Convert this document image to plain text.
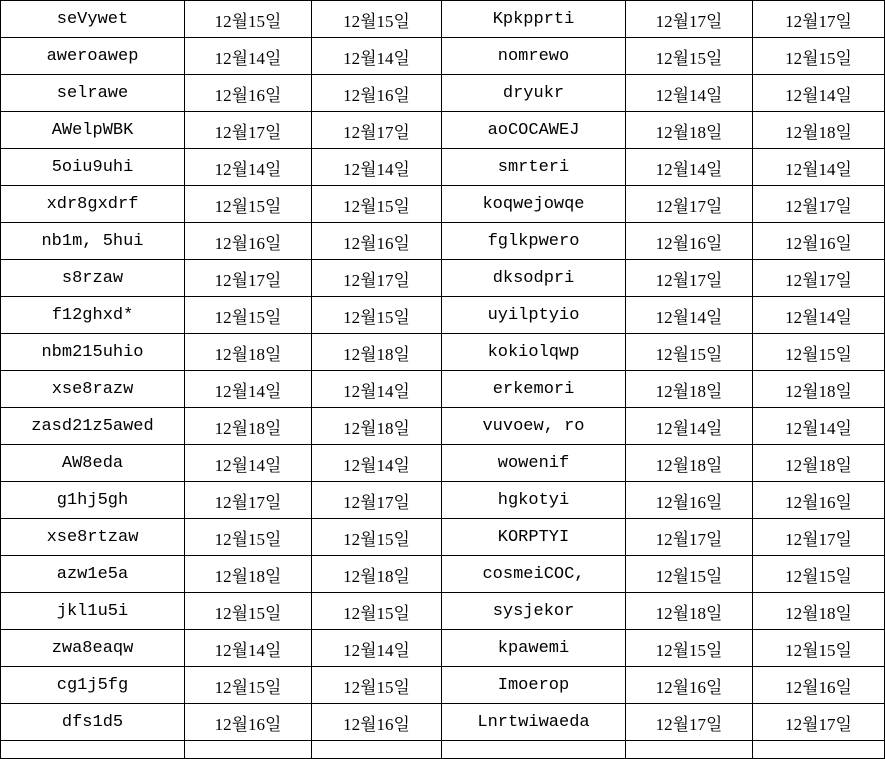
seVywet	12월15일	12월15일	Kpkpprti	12월17일	12월17일
aweroawep	12월14일	12월14일	nomrewo	12월15일	12월15일
selrawe	12월16일	12월16일	dryukr	12월14일	12월14일
AWelpWBK	12월17일	12월17일	aoCOCAWEJ	12월18일	12월18일
5oiu9uhi	12월14일	12월14일	smrteri	12월14일	12월14일
xdr8gxdrf	12월15일	12월15일	koqwejowqe	12월17일	12월17일
nb1m, 5hui	12월16일	12월16일	fglkpwero	12월16일	12월16일
s8rzaw	12월17일	12월17일	dksodpri	12월17일	12월17일
f12ghxd*	12월15일	12월15일	uyilptyio	12월14일	12월14일
nbm215uhio	12월18일	12월18일	kokiolqwp	12월15일	12월15일
xse8razw	12월14일	12월14일	erkemori	12월18일	12월18일
zasd21z5awed	12월18일	12월18일	vuvoew, ro	12월14일	12월14일
AW8eda	12월14일	12월14일	wowenif	12월18일	12월18일
g1hj5gh	12월17일	12월17일	hgkotyi	12월16일	12월16일
xse8rtzaw	12월15일	12월15일	KORPTYI	12월17일	12월17일
azw1e5a	12월18일	12월18일	cosmeiCOC,	12월15일	12월15일
jkl1u5i	12월15일	12월15일	sysjekor	12월18일	12월18일
zwa8eaqw	12월14일	12월14일	kpawemi	12월15일	12월15일
cg1j5fg	12월15일	12월15일	Imoerop	12월16일	12월16일
dfs1d5	12월16일	12월16일	Lnrtwiwaeda	12월17일	12월17일
